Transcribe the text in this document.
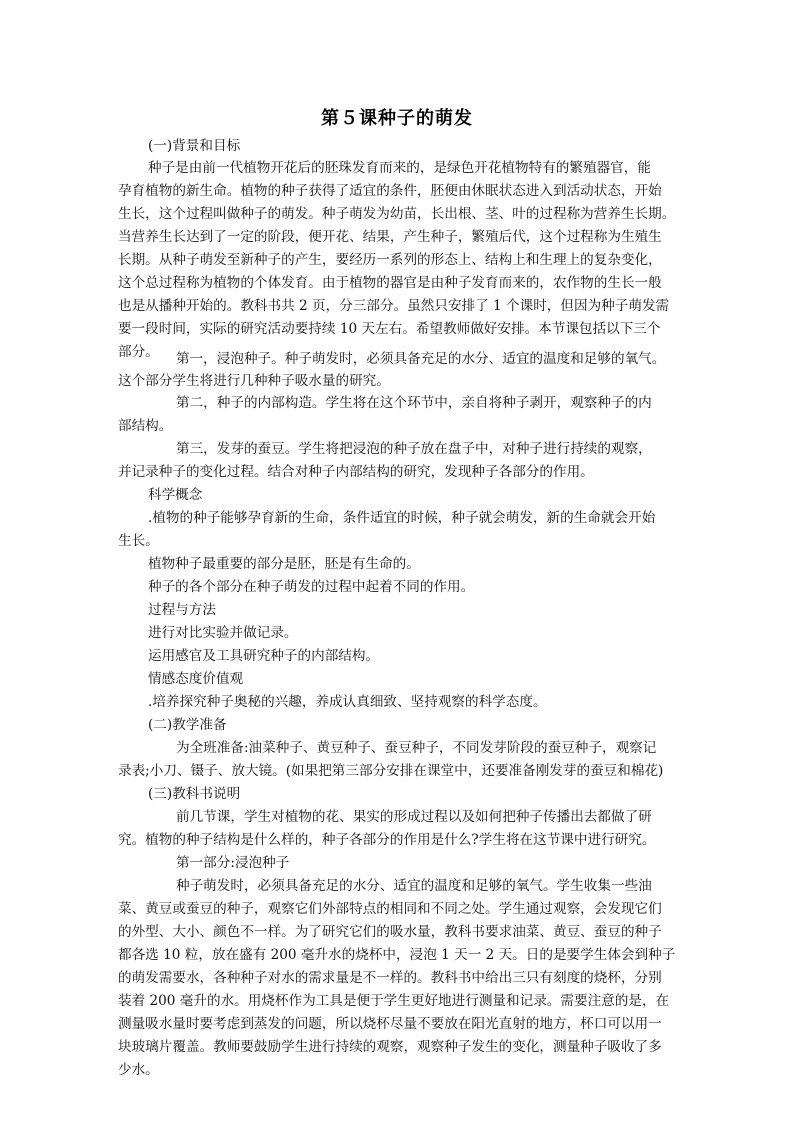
第５课种子的萌发
(一)背景和目标
种子是由前一代植物开花后的胚珠发育而来的，是绿色开花植物特有的繁殖器官，能
孕育植物的新生命。植物的种子获得了适宜的条件，胚便由休眠状态进入到活动状态，开始
生长，这个过程叫做种子的萌发。种子萌发为幼苗，长出根、茎、叶的过程称为营养生长期。
当营养生长达到了一定的阶段，便开花、结果，产生种子，繁殖后代，这个过程称为生殖生
长期。从种子萌发至新种子的产生，要经历一系列的形态上、结构上和生理上的复杂变化，
这个总过程称为植物的个体发育。由于植物的器官是由种子发育而来的，农作物的生长一般
也是从播种开始的。教科书共 2 页，分三部分。虽然只安排了 1 个课时，但因为种子萌发需
要一段时间，实际的研究活动要持续 10 天左右。希望教师做好安排。本节课包括以下三个
部分。 第一，浸泡种子。种子萌发时，必须具备充足的水分、适宜的温度和足够的氧气。
这个部分学生将进行几种种子吸水量的研究。
第二，种子的内部构造。学生将在这个环节中，亲自将种子剥开，观察种子的内
部结构。
第三，发芽的蚕豆。学生将把浸泡的种子放在盘子中，对种子进行持续的观察，
并记录种子的变化过程。结合对种子内部结构的研究，发现种子各部分的作用。
科学概念
.植物的种子能够孕育新的生命，条件适宜的时候，种子就会萌发，新的生命就会开始
生长。
植物种子最重要的部分是胚，胚是有生命的。
种子的各个部分在种子萌发的过程中起着不同的作用。
过程与方法
进行对比实验并做记录。
运用感官及工具研究种子的内部结构。
情感态度价值观
.培养探究种子奥秘的兴趣，养成认真细致、坚持观察的科学态度。
(二)教学准备
为全班准备:油菜种子、黄豆种子、蚕豆种子，不同发芽阶段的蚕豆种子，观察记
录表;小刀、镊子、放大镜。(如果把第三部分安排在课堂中，还要准备刚发芽的蚕豆和棉花)
(三)教科书说明
前几节课，学生对植物的花、果实的形成过程以及如何把种子传播出去都做了研
究。植物的种子结构是什么样的，种子各部分的作用是什么?学生将在这节课中进行研究。
第一部分:浸泡种子
种子萌发时，必须具备充足的水分、适宜的温度和足够的氧气。学生收集一些油
菜、黄豆或蚕豆的种子，观察它们外部特点的相同和不同之处。学生通过观察，会发现它们
的外型、大小、颜色不一样。为了研究它们的吸水量，教科书要求油菜、黄豆、蚕豆的种子
都各选 10 粒，放在盛有 200 毫升水的烧杯中，浸泡 1 天一 2 天。日的是要学生体会到种子
的萌发需要水，各种种子对水的需求量是不一样的。教科书中给出三只有刻度的烧杯，分别
装着 200 毫升的水。用烧杯作为工具是便于学生更好地进行测量和记录。需要注意的是，在
测量吸水量时要考虑到蒸发的问题，所以烧杯尽量不要放在阳光直射的地方，杯口可以用一
块玻璃片覆盖。教师要鼓励学生进行持续的观察，观察种子发生的变化，测量种子吸收了多
少水。
